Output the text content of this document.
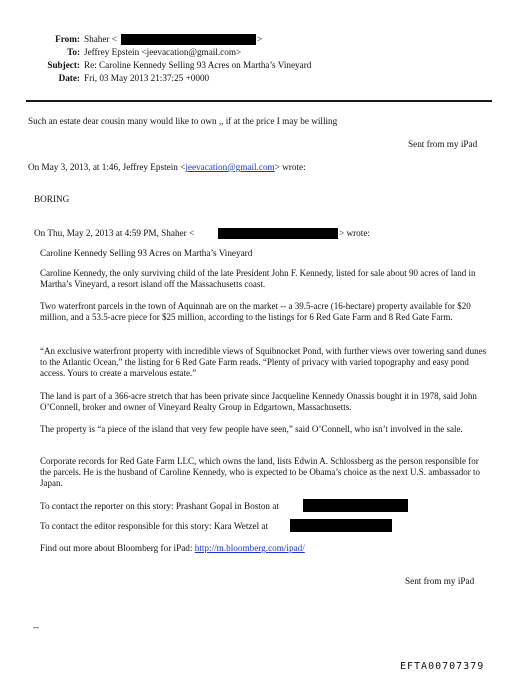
From: Shaher <	>
To: Jeffrey Epstein <jeevacation@gmail.com>
Subject: Re: Caroline Kennedy Selling 93 Acres on Martha’s Vineyard
Date: Fri, 03 May 2013 21:37:25 +0000
Such an estate dear cousin many would like to own ,, if at the price I may be willing
Sent from my iPad
On May 3, 2013, at 1:46, Jeffrey Epstein <jeevacation@gmail.com> wrote:
BORING
On Thu, May 2, 2013 at 4:59 PM, Shaher <	> wrote:
Caroline Kennedy Selling 93 Acres on Martha’s Vineyard
Caroline Kennedy, the only surviving child of the late President John F. Kennedy, listed for sale about 90 acres of land in Martha’s Vineyard, a resort island off the Massachusetts coast.
Two waterfront parcels in the town of Aquinnah are on the market -- a 39.5-acre (16-hectare) property available for $20 million, and a 53.5-acre piece for $25 million, according to the listings for 6 Red Gate Farm and 8 Red Gate Farm.
“An exclusive waterfront property with incredible views of Squibnocket Pond, with further views over towering sand dunes to the Atlantic Ocean,” the listing for 6 Red Gate Farm reads. “Plenty of privacy with varied topography and easy pond access. Yours to create a marvelous estate.”
The land is part of a 366-acre stretch that has been private since Jacqueline Kennedy Onassis bought it in 1978, said John O’Connell, broker and owner of Vineyard Realty Group in Edgartown, Massachusetts.
The property is “a piece of the island that very few people have seen,” said O’Connell, who isn’t involved in the sale.
Corporate records for Red Gate Farm LLC, which owns the land, lists Edwin A. Schlossberg as the person responsible for the parcels. He is the husband of Caroline Kennedy, who is expected to be Obama’s choice as the next U.S. ambassador to Japan.
To contact the reporter on this story: Prashant Gopal in Boston at
To contact the editor responsible for this story: Kara Wetzel at
Find out more about Bloomberg for iPad: http://m.bloomberg.com/ipad/
Sent from my iPad
--
EFTA00707379
